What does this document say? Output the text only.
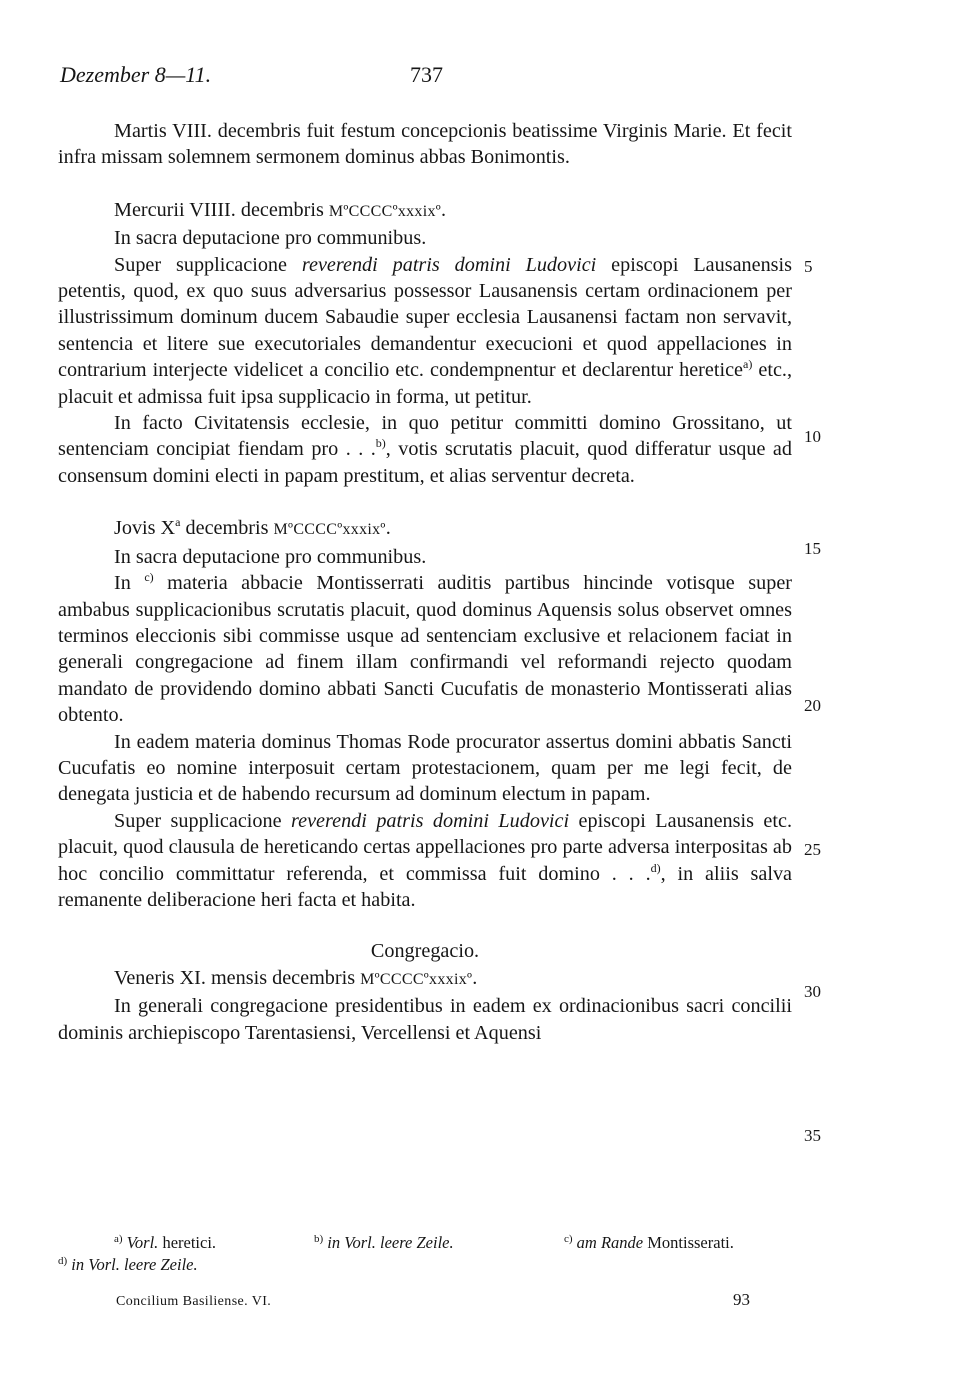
Dezember 8—11.	737

Martis VIII. decembris fuit festum concepcionis beatissime Virginis Marie. Et fecit infra missam solemnem sermonem dominus abbas Bonimontis.

Mercurii VIIII. decembris MºCCCCºxxxixº.

In sacra deputacione pro communibus.

Super supplicacione reverendi patris domini Ludovici episcopi Lausanensis petentis, quod, ex quo suus adversarius possessor Lausanensis certam ordinacionem per illustrissimum dominum ducem Sabaudie super ecclesia Lausanensi factam non servavit, sentencia et litere sue executoriales demandentur execucioni et quod appellaciones in contrarium interjecte videlicet a concilio etc. condempnentur et declarentur heretice$^{a)}$ etc., placuit et admissa fuit ipsa supplicacio in forma, ut petitur.

In facto Civitatensis ecclesie, in quo petitur committi domino Grossitano, ut sentenciam concipiat fiendam pro . . .$^{b)}$, votis scrutatis placuit, quod differatur usque ad consensum domini electi in papam prestitum, et alias serventur decreta.

Jovis $X^a$ decembris MºCCCCºxxxixº.

In sacra deputacione pro communibus.

In $^{c)}$ materia abbacie Montisserrati auditis partibus hincinde votisque super ambabus supplicacionibus scrutatis placuit, quod dominus Aquensis solus observet omnes terminos eleccionis sibi commisse usque ad sentenciam exclusive et relacionem faciat in generali congregacione ad finem illam confirmandi vel reformandi rejecto quodam mandato de providendo domino abbati Sancti Cucufatis de monasterio Montisserati alias obtento.

In eadem materia dominus Thomas Rode procurator assertus domini abbatis Sancti Cucufatis eo nomine interposuit certam protestacionem, quam per me legi fecit, de denegata justicia et de habendo recursum ad dominum electum in papam.

Super supplicacione reverendi patris domini Ludovici episcopi Lausanensis etc. placuit, quod clausula de hereticando certas appellaciones pro parte adversa interpositas ab hoc concilio committatur referenda, et commissa fuit domino . . .$^{d)}$, in aliis salva remanente deliberacione heri facta et habita.

Congregacio.

Veneris XI. mensis decembris MºCCCCºxxxixº.

In generali congregacione presidentibus in eadem ex ordinacionibus sacri concilii dominis archiepiscopo Tarentasiensi, Vercellensi et Aquensi

5
10
15
20
25
30
35
$^{a)}$ Vorl. heretici.	$^{b)}$ in Vorl. leere Zeile.	$^{c)}$ am Rande Montisserati.
$^{d)}$ in Vorl. leere Zeile.
Concilium Basiliense. VI.	93
